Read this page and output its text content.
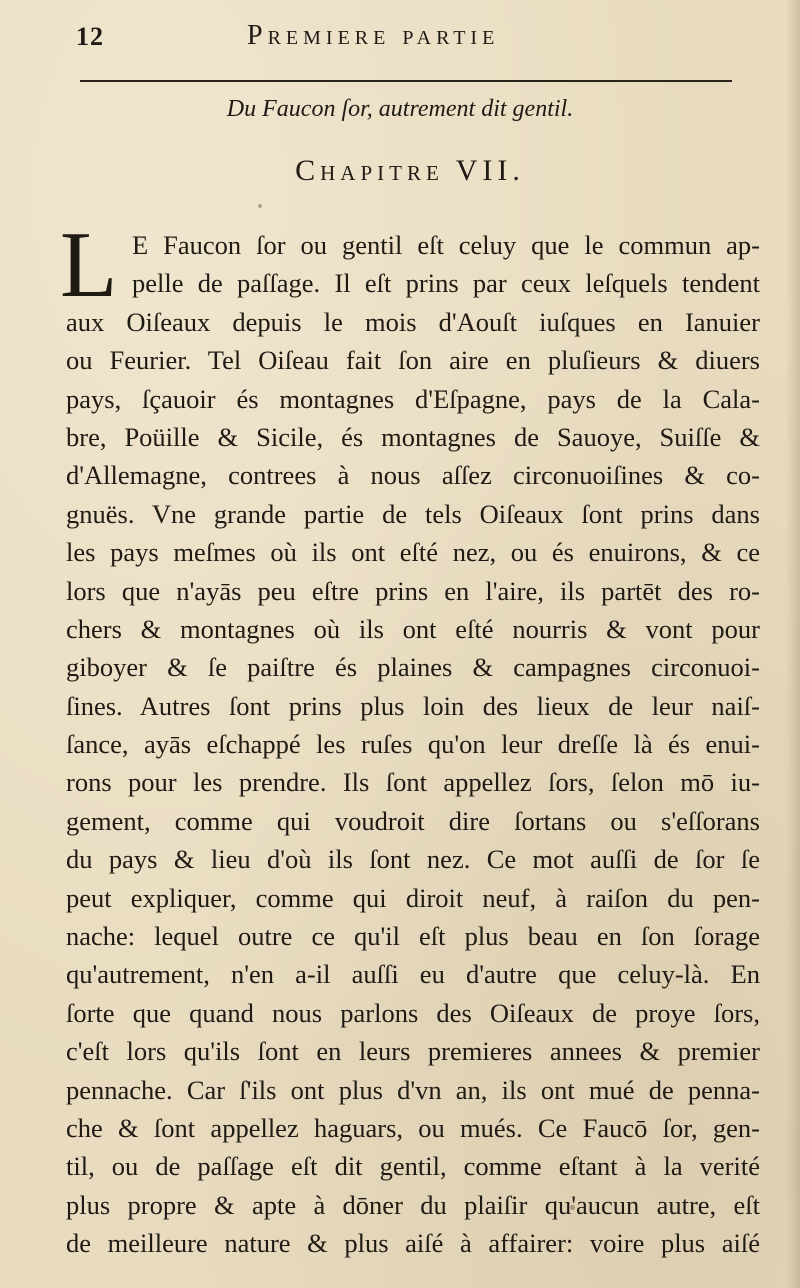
12	Premiere partie
Du Faucon ſor, autrement dit gentil.
Chapitre VII.
L E Faucon ſor ou gentil eſt celuy que le commun ap-
pelle de paſſage. Il eſt prins par ceux leſquels tendent
aux Oiſeaux depuis le mois d'Aouſt iuſques en Ianuier
ou Feurier. Tel Oiſeau fait ſon aire en pluſieurs & diuers
pays, ſçauoir és montagnes d'Eſpagne, pays de la Cala-
bre, Poüille & Sicile, és montagnes de Sauoye, Suiſſe &
d'Allemagne, contrees à nous aſſez circonuoiſines & co-
gnuës. Vne grande partie de tels Oiſeaux ſont prins dans
les pays meſmes où ils ont eſté nez, ou és enuirons, & ce
lors que n'ayās peu eſtre prins en l'aire, ils partēt des ro-
chers & montagnes où ils ont eſté nourris & vont pour
giboyer & ſe paiſtre és plaines & campagnes circonuoi-
ſines. Autres ſont prins plus loin des lieux de leur naiſ-
ſance, ayās eſchappé les ruſes qu'on leur dreſſe là és enui-
rons pour les prendre. Ils ſont appellez ſors, ſelon mō iu-
gement, comme qui voudroit dire ſortans ou s'eſſorans
du pays & lieu d'où ils ſont nez. Ce mot auſſi de ſor ſe
peut expliquer, comme qui diroit neuf, à raiſon du pen-
nache: lequel outre ce qu'il eſt plus beau en ſon ſorage
qu'autrement, n'en a-il auſſi eu d'autre que celuy-là. En
ſorte que quand nous parlons des Oiſeaux de proye ſors,
c'eſt lors qu'ils ſont en leurs premieres annees & premier
pennache. Car ſ'ils ont plus d'vn an, ils ont mué de penna-
che & ſont appellez haguars, ou mués. Ce Faucō ſor, gen-
til, ou de paſſage eſt dit gentil, comme eſtant à la verité
plus propre & apte à dōner du plaiſir qu'aucun autre, eſt
de meilleure nature & plus aiſé à affairer: voire plus aiſé
